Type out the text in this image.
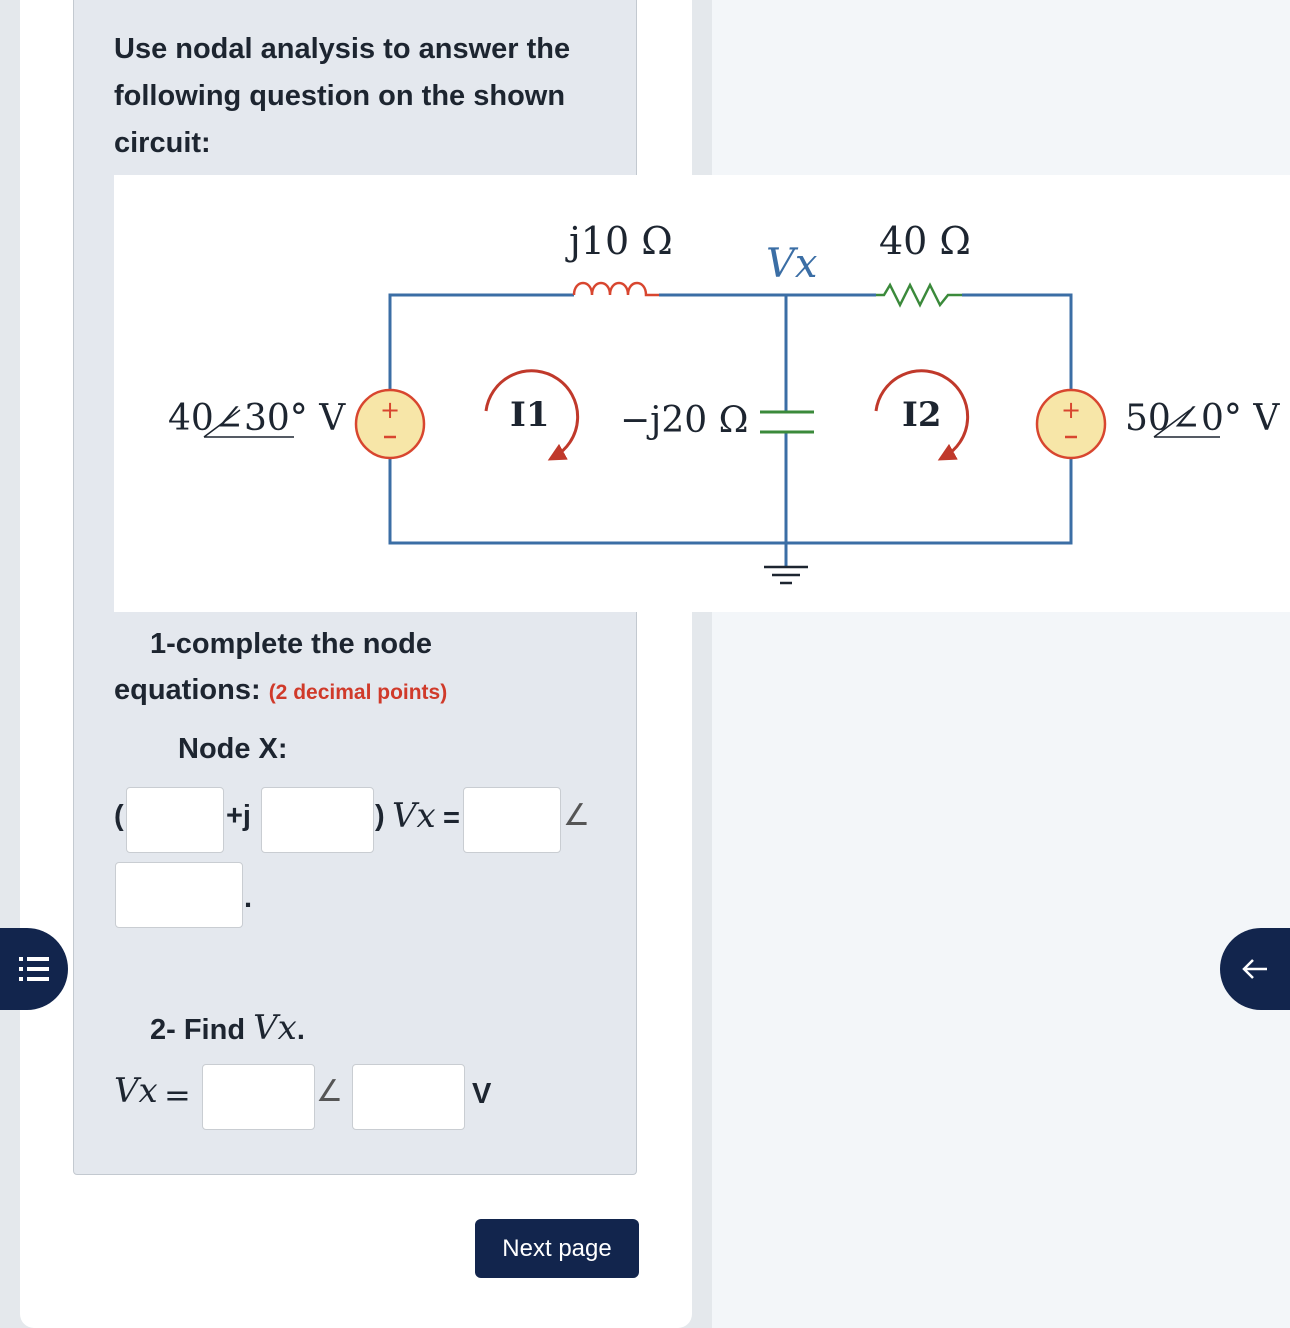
Use nodal analysis to answer the following question on the shown circuit:
+	+
j10 Ω Vx 40 Ω
40∠30° V	50∠0° V
I1	I2
−j20 Ω
1-complete the node
equations: (2 decimal points)
Node X:
(	+j	) Vx =	∠
.
2- Find Vx.
Vx =	∠	V
Next page
